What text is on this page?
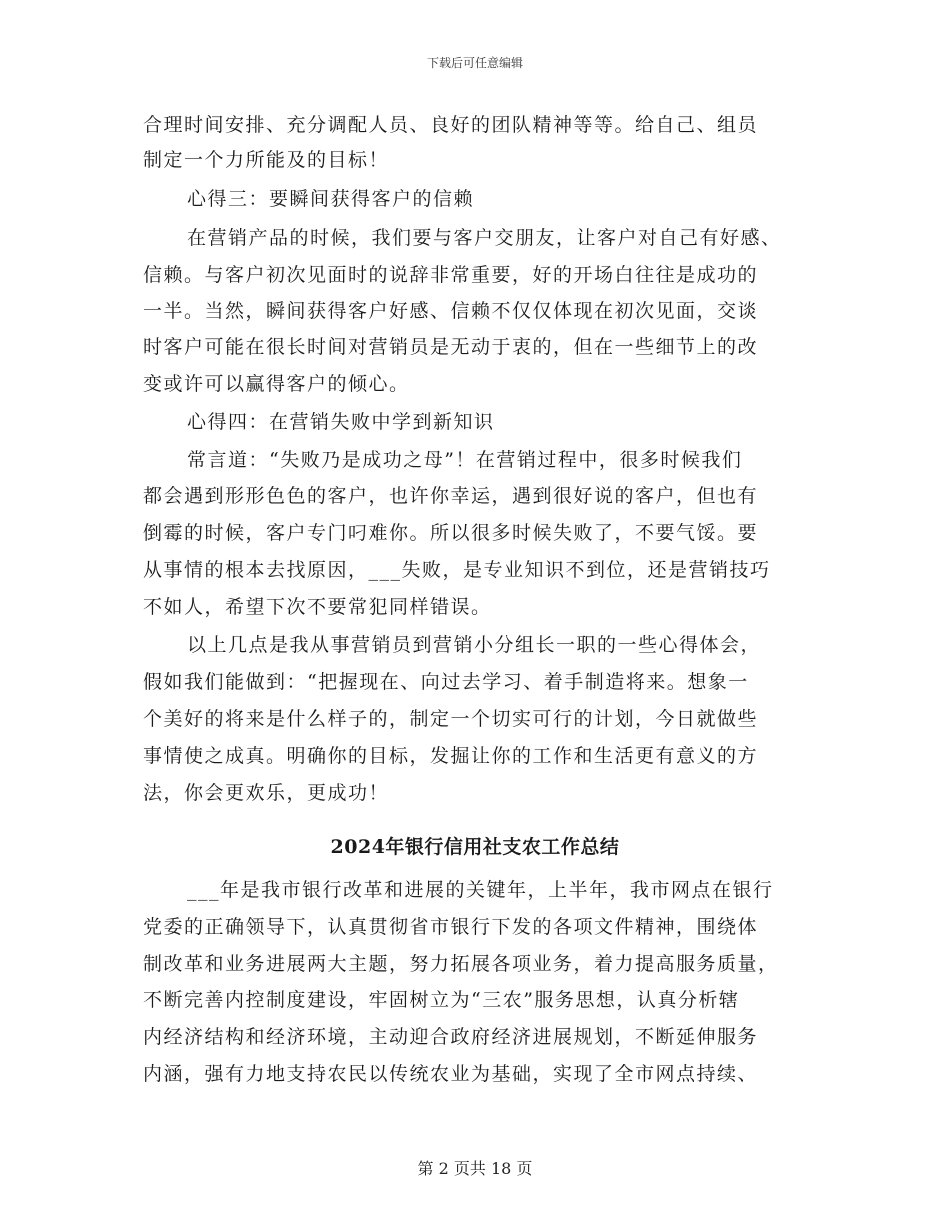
下载后可任意编辑
合理时间安排、充分调配人员、良好的团队精神等等。给自己、组员
制定一个力所能及的目标！
心得三：要瞬间获得客户的信赖
在营销产品的时候，我们要与客户交朋友，让客户对自己有好感、
信赖。与客户初次见面时的说辞非常重要，好的开场白往往是成功的
一半。当然，瞬间获得客户好感、信赖不仅仅体现在初次见面，交谈
时客户可能在很长时间对营销员是无动于衷的，但在一些细节上的改
变或许可以赢得客户的倾心。
心得四：在营销失败中学到新知识
常言道：“失败乃是成功之母”！在营销过程中，很多时候我们
都会遇到形形色色的客户，也许你幸运，遇到很好说的客户，但也有
倒霉的时候，客户专门叼难你。所以很多时候失败了，不要气馁。要
从事情的根本去找原因，___失败，是专业知识不到位，还是营销技巧
不如人，希望下次不要常犯同样错误。
以上几点是我从事营销员到营销小分组长一职的一些心得体会，
假如我们能做到：“把握现在、向过去学习、着手制造将来。想象一
个美好的将来是什么样子的，制定一个切实可行的计划，今日就做些
事情使之成真。明确你的目标，发掘让你的工作和生活更有意义的方
法，你会更欢乐，更成功！
2024年银行信用社支农工作总结
___年是我市银行改革和进展的关键年，上半年，我市网点在银行
党委的正确领导下，认真贯彻省市银行下发的各项文件精神，围绕体
制改革和业务进展两大主题，努力拓展各项业务，着力提高服务质量，
不断完善内控制度建设，牢固树立为“三农”服务思想，认真分析辖
内经济结构和经济环境，主动迎合政府经济进展规划，不断延伸服务
内涵，强有力地支持农民以传统农业为基础，实现了全市网点持续、
第 2 页共 18 页
